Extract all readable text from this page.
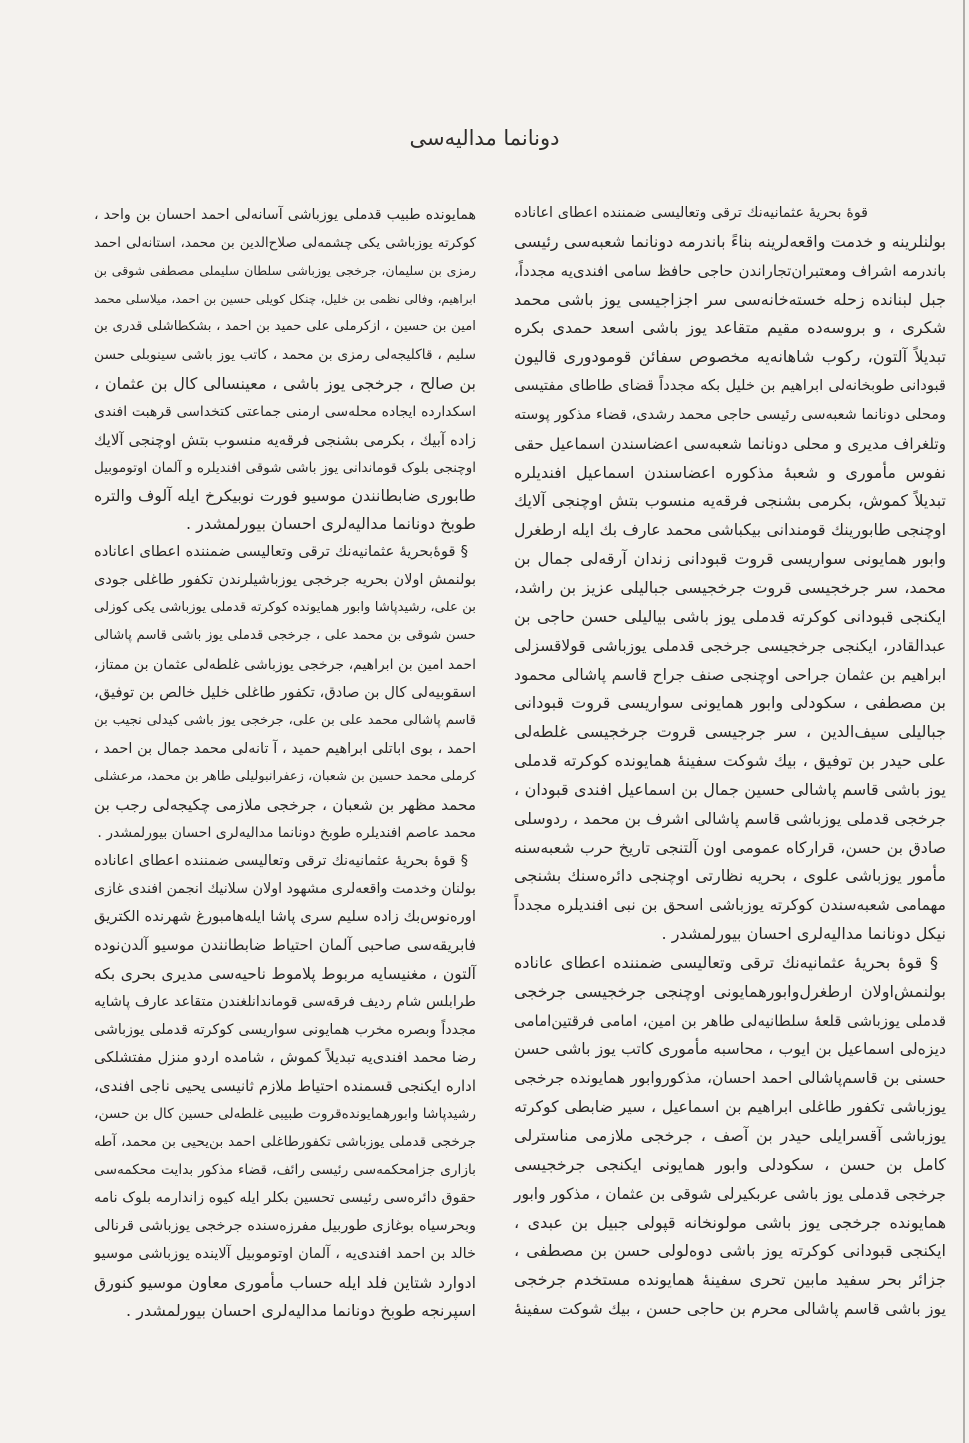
دونانما مدالیه‌سی
قوۀ بحریهٔ عثمانیه‌نك ترقی وتعالیسی ضمننده اعطای اعاناده
بولنلرینه و خدمت واقعه‌لرینه بناءً باندرمه دونانما شعبه‌سی رئیسی
باندرمه اشراف ومعتبران‌تجاراندن حاجی حافظ سامی افندی‌یه مجدداً،
جبل لبنانده زحله خسته‌خانه‌سی سر اجزاجیسی یوز باشی محمد
شکری ، و بروسه‌ده مقیم متقاعد یوز باشی اسعد حمدی بکره
تبدیلاً آلتون، رکوب شاهانه‌یه مخصوص سفائن قومودوری قالیون
قبودانی طوبخانه‌لی ابراهیم بن خلیل بکه مجدداً قضای طاطای مفتیسی
ومحلی دونانما شعبه‌سی رئیسی حاجی محمد رشدی، قضاء مذکور پوسته
وتلغراف مدیری و محلی دونانما شعبه‌سی اعضاسندن اسماعیل حقی
نفوس مأموری و شعبهٔ مذکوره اعضاسندن اسماعیل افندیلره
تبدیلاً کموش، بکرمی بشنجی فرقه‌یه منسوب بتش اوچنجی آلایك
اوچنجی طابورینك قومندانی بیکباشی محمد عارف بك ایله ارطغرل
وابور همایونی سواریسی قروت قبودانی زندان آرقه‌لی جمال بن
محمد، سر جرخجیسی قروت جرخجیسی جبالیلی عزیز بن راشد،
ایکنجی قبودانی کوکرته قدملی یوز باشی بیالیلی حسن حاجی بن
عبدالقادر، ایکنجی جرخجیسی جرخجی قدملی یوزباشی قولاقسزلی
ابراهیم بن عثمان جراحی اوچنجی صنف جراح قاسم پاشالی محمود
بن مصطفی ، سکودلی وابور همایونی سواریسی قروت قبودانی
جبالیلی سیف‌الدین ، سر جرجیسی قروت جرخجیسی غلطه‌لی
علی حیدر بن توفیق ، بیك شوکت سفینهٔ همایونده کوکرته قدملی
یوز باشی قاسم پاشالی حسین جمال بن اسماعیل افندی قبودان ،
جرخجی قدملی یوزباشی قاسم پاشالی اشرف بن محمد ، ردوسلی
صادق بن حسن، قرارکاه عمومی اون آلتنجی تاریخ حرب شعبه‌سنه
مأمور یوزباشی علوی ، بحریه نظارتی اوچنجی دائره‌سنك بشنجی
مهمامی شعبه‌سندن کوکرته یوزباشی اسحق بن نبی افندیلره مجدداً
نیکل دونانما مدالیه‌لری احسان بیورلمشدر .
§ قوۀ بحریهٔ عثمانیه‌نك ترقی وتعالیسی ضمننده اعطای عاناده
بولنمش‌اولان ارطغرل‌وابورهمایونی اوچنجی جرخجیسی جرخجی
قدملی یوزباشی قلعهٔ سلطانیه‌لی طاهر بن امین، امامی فرقتین‌امامی
دیزه‌لی اسماعیل بن ایوب ، محاسبه مأموری کاتب یوز باشی حسن
حسنی بن قاسم‌پاشالی احمد احسان، مذکوروابور همایونده جرخجی
یوزباشی تکفور طاغلی ابراهیم بن اسماعیل ، سیر ضابطی کوکرته
یوزباشی آقسرایلی حیدر بن آصف ، جرخجی ملازمی مناسترلی
کامل بن حسن ، سکودلی وابور همایونی ایکنجی جرخجیسی
جرخجی قدملی یوز باشی عربکیرلی شوقی بن عثمان ، مذکور وابور
همایونده جرخجی یوز باشی مولونخانه قپولی جبیل بن عبدی ،
ایکنجی قبودانی کوکرته یوز باشی دوه‌لولی حسن بن مصطفی ،
جزائر بحر سفید مابین تحری سفینهٔ همایونده مستخدم جرخجی
یوز باشی قاسم پاشالی محرم بن حاجی حسن ، بیك شوکت سفینهٔ
همایونده طبیب قدملی یوزباشی آسانه‌لی احمد احسان بن واحد ،
کوکرته یوزباشی یکی چشمه‌لی صلاح‌الدین بن محمد، استانه‌لی احمد
رمزی بن سلیمان، جرخجی یوزباشی سلطان سلیملی مصطفی شوقی بن
ابراهیم، وفالی نظمی بن خلیل، چنکل کویلی حسین بن احمد، میلاسلی محمد
امین بن حسین ، ازکرملی علی حمید بن احمد ، بشکطاشلی قدری بن
سلیم ، قاکلیجه‌لی رمزی بن محمد ، کاتب یوز باشی سینوبلی حسن
بن صالح ، جرخجی یوز باشی ، معینسالی کال بن عثمان ،
اسکدارده ایجاده محله‌سی ارمنی جماعتی کتخداسی قرهبت افندی
زاده آبیك ، بکرمی بشنجی فرقه‌یه منسوب بتش اوچنجی آلایك
اوچنجی بلوک قوماندانی یوز باشی شوقی افندیلره و آلمان اوتوموبیل
طابوری ضابطانندن موسیو فورت نوبیکرخ ایله آلوف والتره
طوبخ دونانما مدالیه‌لری احسان بیورلمشدر .
§ قوۀ‌بحریهٔ عثمانیه‌نك ترقی وتعالیسی ضمننده اعطای اعاناده
بولنمش اولان بحریه جرخجی یوزباشیلرندن تکفور طاغلی جودی
بن علی، رشیدپاشا وابور همایونده کوکرته قدملی یوزباشی یکی کوزلی
حسن شوقی بن محمد علی ، جرخجی قدملی یوز باشی قاسم پاشالی
احمد امین بن ابراهیم، جرخجی یوزباشی غلطه‌لی عثمان بن ممتاز،
اسقوبیه‌لی کال بن صادق، تکفور طاغلی خلیل خالص بن توفیق،
قاسم پاشالی محمد علی بن علی، جرخجی یوز باشی کیدلی نجیب بن
احمد ، بوی اباتلی ابراهیم حمید ، آ تانه‌لی محمد جمال بن احمد ،
کرملی محمد حسین بن شعبان، زعفرانبولیلی طاهر بن محمد، مرعشلی
محمد مظهر بن شعبان ، جرخجی ملازمی چکیجه‌لی رجب بن
محمد عاصم افندیلره طوبخ دونانما مدالیه‌لری احسان بیورلمشدر .
§ قوۀ بحریهٔ عثمانیه‌نك ترقی وتعالیسی ضمننده اعطای اعاناده
بولنان وخدمت واقعه‌لری مشهود اولان سلانیك انجمن افندی غازی
اوره‌نوس‌بك زاده سلیم سری پاشا ایله‌هامبورغ شهرنده الکتریق
فابریقه‌سی صاحبی آلمان احتیاط ضابطانندن موسیو آلدن‌نوده
آلتون ، مغنیسایه مربوط پلاموط ناحیه‌سی مدیری بحری بکه
طرابلس شام ردیف فرقه‌سی قوماندانلغندن متقاعد عارف پاشایه
مجدداً وبصره مخرب همایونی سواریسی کوکرته قدملی یوزباشی
رضا محمد افندی‌یه تبدیلاً کموش ، شامده اردو منزل مفتشلکی
اداره ایکنجی قسمنده احتیاط ملازم ثانیسی یحیی ناجی افندی،
رشیدپاشا وابورهمایونده‌قروت طبیبی غلطه‌لی حسین کال بن حسن،
جرخجی قدملی یوزباشی تکفورطاغلی احمد بن‌یحیی بن محمد، آطه
بازاری جزامحکمه‌سی رئیسی رائف، قضاء مذکور بدایت محکمه‌سی
حقوق دائره‌سی رئیسی تحسین بکلر ایله کیوه زاندارمه بلوک نامه
وبحرسیاه بوغازی طوربیل مفرزه‌سنده جرخجی یوزباشی قرنالی
خالد بن احمد افندی‌یه ، آلمان اوتوموبیل آلاینده یوزباشی موسیو
ادوارد شتاین فلد ایله حساب مأموری معاون موسیو کنورق
اسپرنجه طوبخ دونانما مدالیه‌لری احسان بیورلمشدر .
